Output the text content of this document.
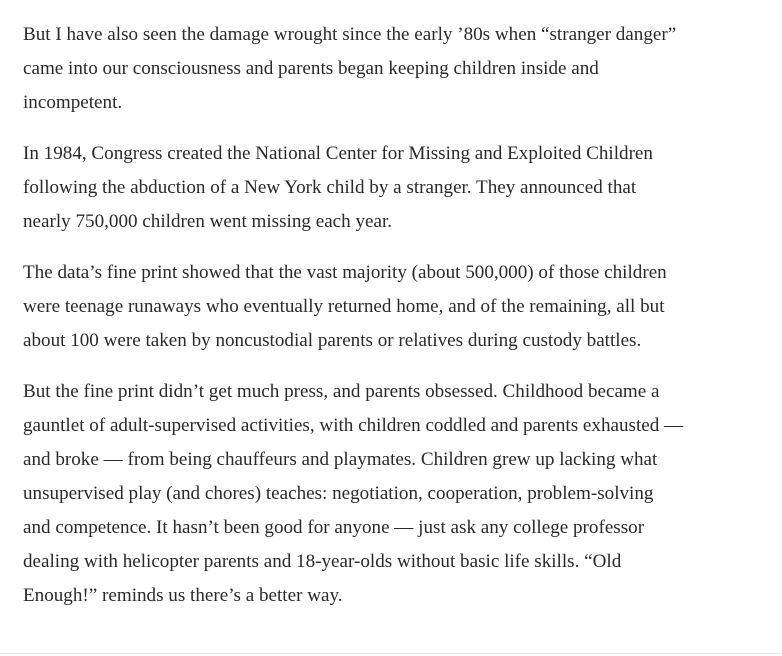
But I have also seen the damage wrought since the early ’80s when “stranger danger”
came into our consciousness and parents began keeping children inside and
incompetent.

In 1984, Congress created the National Center for Missing and Exploited Children
following the abduction of a New York child by a stranger. They announced that
nearly 750,000 children went missing each year.

The data’s fine print showed that the vast majority (about 500,000) of those children
were teenage runaways who eventually returned home, and of the remaining, all but
about 100 were taken by noncustodial parents or relatives during custody battles.

But the fine print didn’t get much press, and parents obsessed. Childhood became a
gauntlet of adult-supervised activities, with children coddled and parents exhausted —
and broke — from being chauffeurs and playmates. Children grew up lacking what
unsupervised play (and chores) teaches: negotiation, cooperation, problem-solving
and competence. It hasn’t been good for anyone — just ask any college professor
dealing with helicopter parents and 18-year-olds without basic life skills. “Old
Enough!” reminds us there’s a better way.
